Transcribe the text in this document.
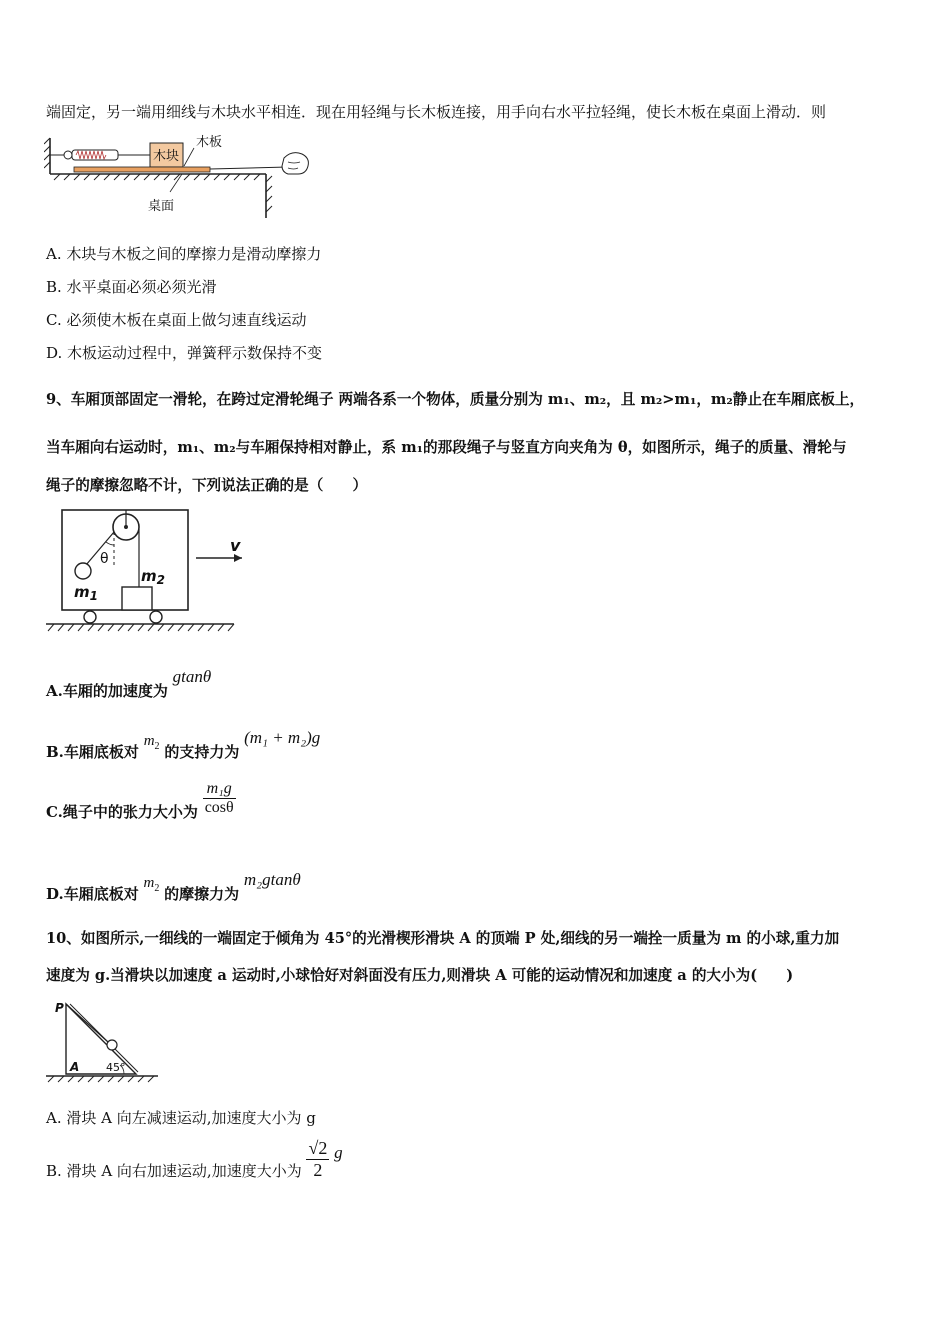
端固定，另一端用细线与木块水平相连．现在用轻绳与长木板连接，用手向右水平拉轻绳，使长木板在桌面上滑动．则
木块
木板
桌面
A. 木块与木板之间的摩擦力是滑动摩擦力
B. 水平桌面必须必须光滑
C. 必须使木板在桌面上做匀速直线运动
D. 木板运动过程中，弹簧秤示数保持不变
9、车厢顶部固定一滑轮，在跨过定滑轮绳子 两端各系一个物体，质量分别为 m₁、m₂，且 m₂>m₁，m₂静止在车厢底板上，
当车厢向右运动时，m₁、m₂与车厢保持相对静止，系 m₁的那段绳子与竖直方向夹角为 θ，如图所示，绳子的质量、滑轮与
绳子的摩擦忽略不计，下列说法正确的是（　　）
θ
$m_2$
$m_1$
v
A.车厢的加速度为 gtanθ
B.车厢底板对 $m_2$ 的支持力为 (m₁ + m₂)g
C.绳子中的张力大小为 $\frac{\text{m₁g}}{\cos\theta}$
D.车厢底板对 $m_2$ 的摩擦力为 m₂gtanθ
10、如图所示,一细线的一端固定于倾角为 45°的光滑楔形滑块 A 的顶端 P 处,细线的另一端拴一质量为 m 的小球,重力加
速度为 g.当滑块以加速度 a 运动时,小球恰好对斜面没有压力,则滑块 A 可能的运动情况和加速度 a 的大小为(　　)
P
A 45°
A. 滑块 A 向左减速运动,加速度大小为 g
B. 滑块 A 向右加速运动,加速度大小为 $\frac{√2}{2}$ g
